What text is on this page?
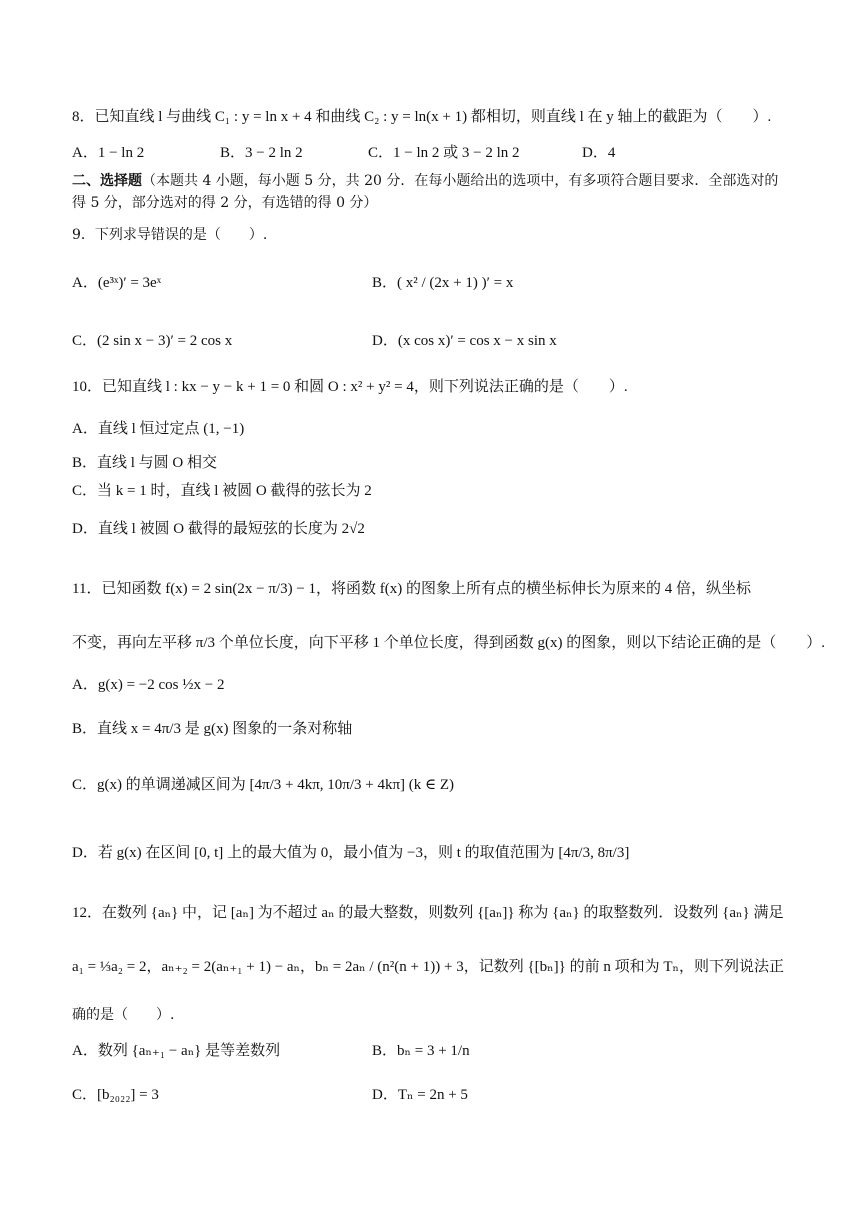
8．已知直线 l 与曲线 C₁ : y = ln x + 4 和曲线 C₂ : y = ln(x + 1) 都相切，则直线 l 在 y 轴上的截距为（　　）.
A．1 − ln 2	B．3 − 2 ln 2	C．1 − ln 2 或 3 − 2 ln 2	D．4
二、选择题（本题共 4 小题，每小题 5 分，共 20 分．在每小题给出的选项中，有多项符合题目要求．全部选对的得 5 分，部分选对的得 2 分，有选错的得 0 分）
9．下列求导错误的是（　　）.
A．(e³ˣ)′ = 3eˣ	B．( x² / (2x + 1) )′ = x
C．(2 sin x − 3)′ = 2 cos x	D．(x cos x)′ = cos x − x sin x
10．已知直线 l : kx − y − k + 1 = 0 和圆 O : x² + y² = 4，则下列说法正确的是（　　）.
A．直线 l 恒过定点 (1, −1)
B．直线 l 与圆 O 相交
C．当 k = 1 时，直线 l 被圆 O 截得的弦长为 2
D．直线 l 被圆 O 截得的最短弦的长度为 2√2
11．已知函数 f(x) = 2 sin(2x − π/3) − 1，将函数 f(x) 的图象上所有点的横坐标伸长为原来的 4 倍，纵坐标
不变，再向左平移 π/3 个单位长度，向下平移 1 个单位长度，得到函数 g(x) 的图象，则以下结论正确的是（　　）.
A．g(x) = −2 cos ½x − 2
B．直线 x = 4π/3 是 g(x) 图象的一条对称轴
C．g(x) 的单调递减区间为 [4π/3 + 4kπ, 10π/3 + 4kπ] (k ∈ Z)
D．若 g(x) 在区间 [0, t] 上的最大值为 0，最小值为 −3，则 t 的取值范围为 [4π/3, 8π/3]
12．在数列 {aₙ} 中，记 [aₙ] 为不超过 aₙ 的最大整数，则数列 {[aₙ]} 称为 {aₙ} 的取整数列．设数列 {aₙ} 满足
a₁ = ⅓a₂ = 2，aₙ₊₂ = 2(aₙ₊₁ + 1) − aₙ，bₙ = 2aₙ / (n²(n + 1)) + 3，记数列 {[bₙ]} 的前 n 项和为 Tₙ，则下列说法正
确的是（　　）.
A．数列 {aₙ₊₁ − aₙ} 是等差数列	B．bₙ = 3 + 1/n
C．[b₂₀₂₂] = 3	D．Tₙ = 2n + 5
